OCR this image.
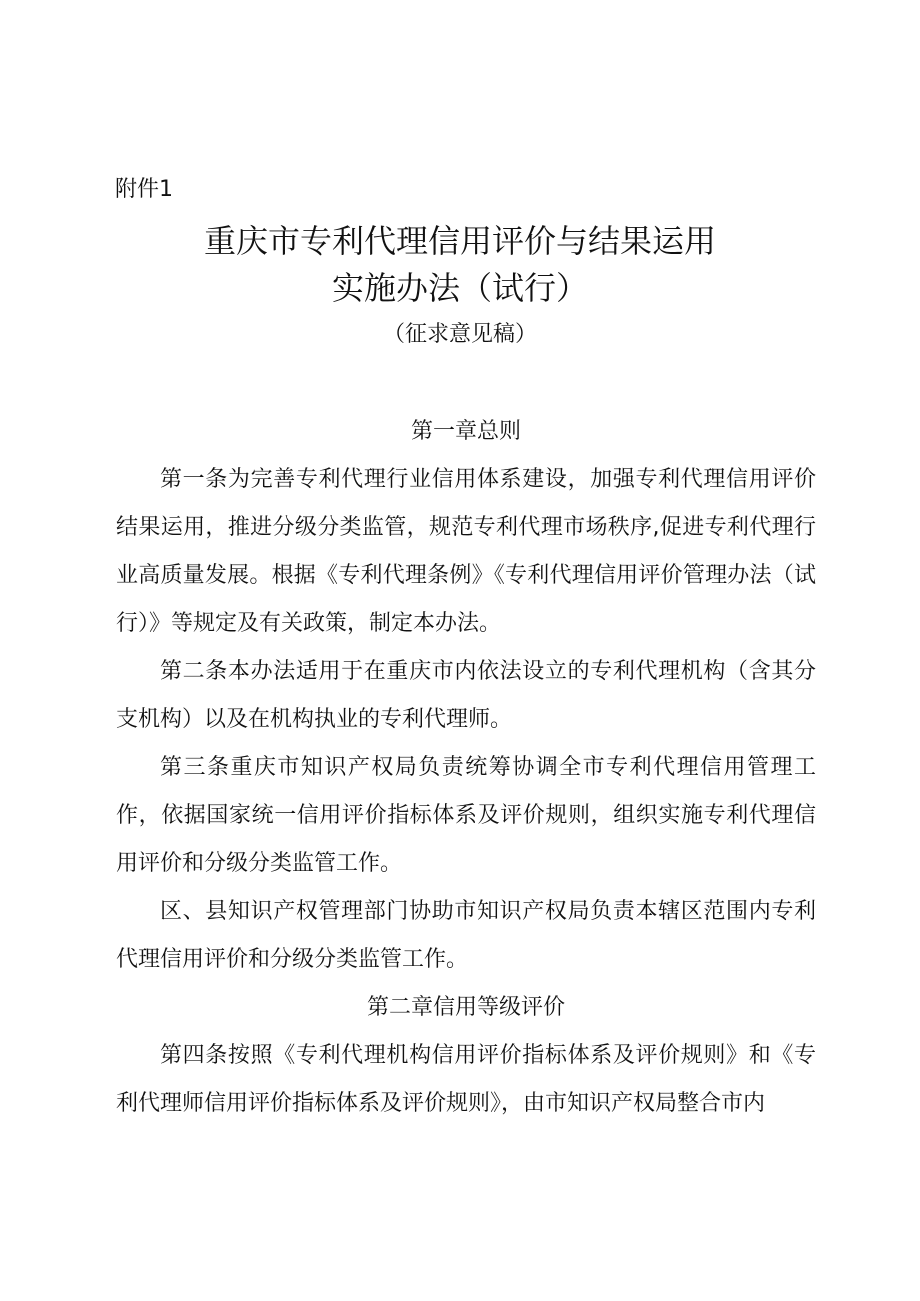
附件1
重庆市专利代理信用评价与结果运用
实施办法（试行）
（征求意见稿）
第一章总则

第一条为完善专利代理行业信用体系建设，加强专利代理信用评价结果运用，推进分级分类监管，规范专利代理市场秩序,促进专利代理行业高质量发展。根据《专利代理条例》《专利代理信用评价管理办法（试行）》等规定及有关政策，制定本办法。

第二条本办法适用于在重庆市内依法设立的专利代理机构（含其分支机构）以及在机构执业的专利代理师。

第三条重庆市知识产权局负责统筹协调全市专利代理信用管理工作，依据国家统一信用评价指标体系及评价规则，组织实施专利代理信用评价和分级分类监管工作。

区、县知识产权管理部门协助市知识产权局负责本辖区范围内专利代理信用评价和分级分类监管工作。

第二章信用等级评价

第四条按照《专利代理机构信用评价指标体系及评价规则》和《专利代理师信用评价指标体系及评价规则》，由市知识产权局整合市内
